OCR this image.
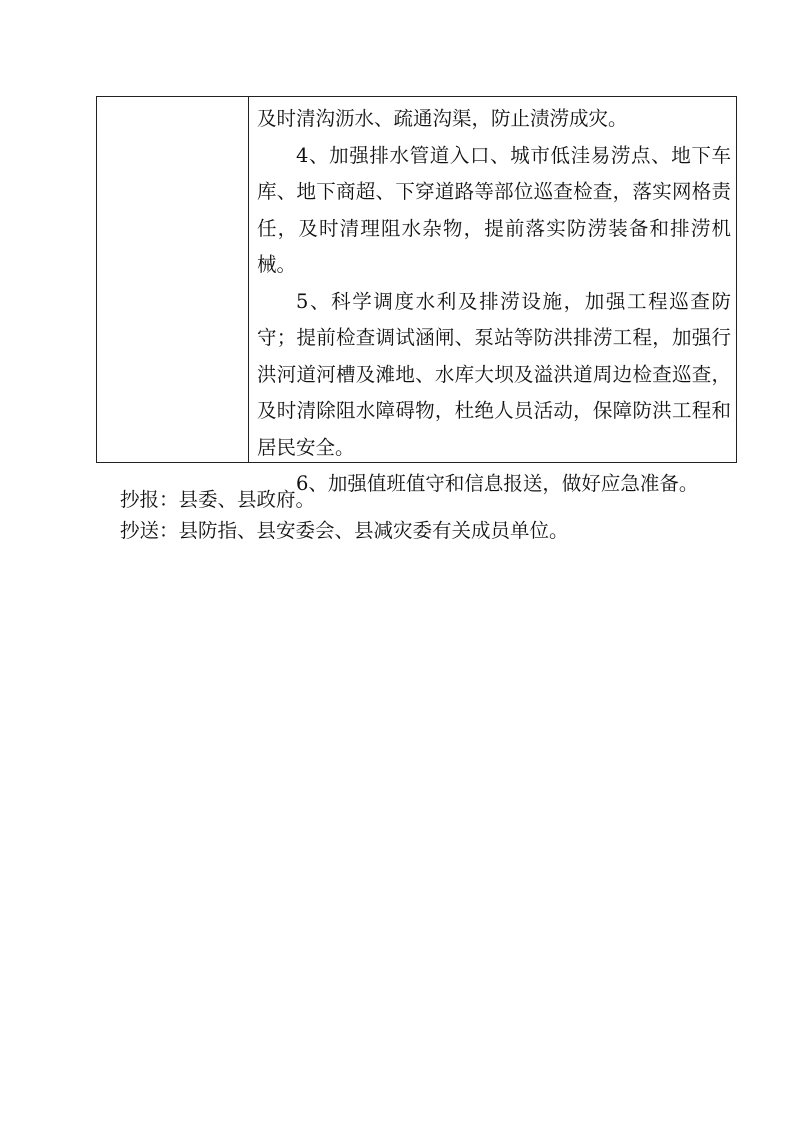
及时清沟沥水、疏通沟渠，防止渍涝成灾。

4、加强排水管道入口、城市低洼易涝点、地下车库、地下商超、下穿道路等部位巡查检查，落实网格责任，及时清理阻水杂物，提前落实防涝装备和排涝机械。

5、科学调度水利及排涝设施，加强工程巡查防守；提前检查调试涵闸、泵站等防洪排涝工程，加强行洪河道河槽及滩地、水库大坝及溢洪道周边检查巡查，及时清除阻水障碍物，杜绝人员活动，保障防洪工程和居民安全。

6、加强值班值守和信息报送，做好应急准备。

抄报：县委、县政府。

抄送：县防指、县安委会、县减灾委有关成员单位。
